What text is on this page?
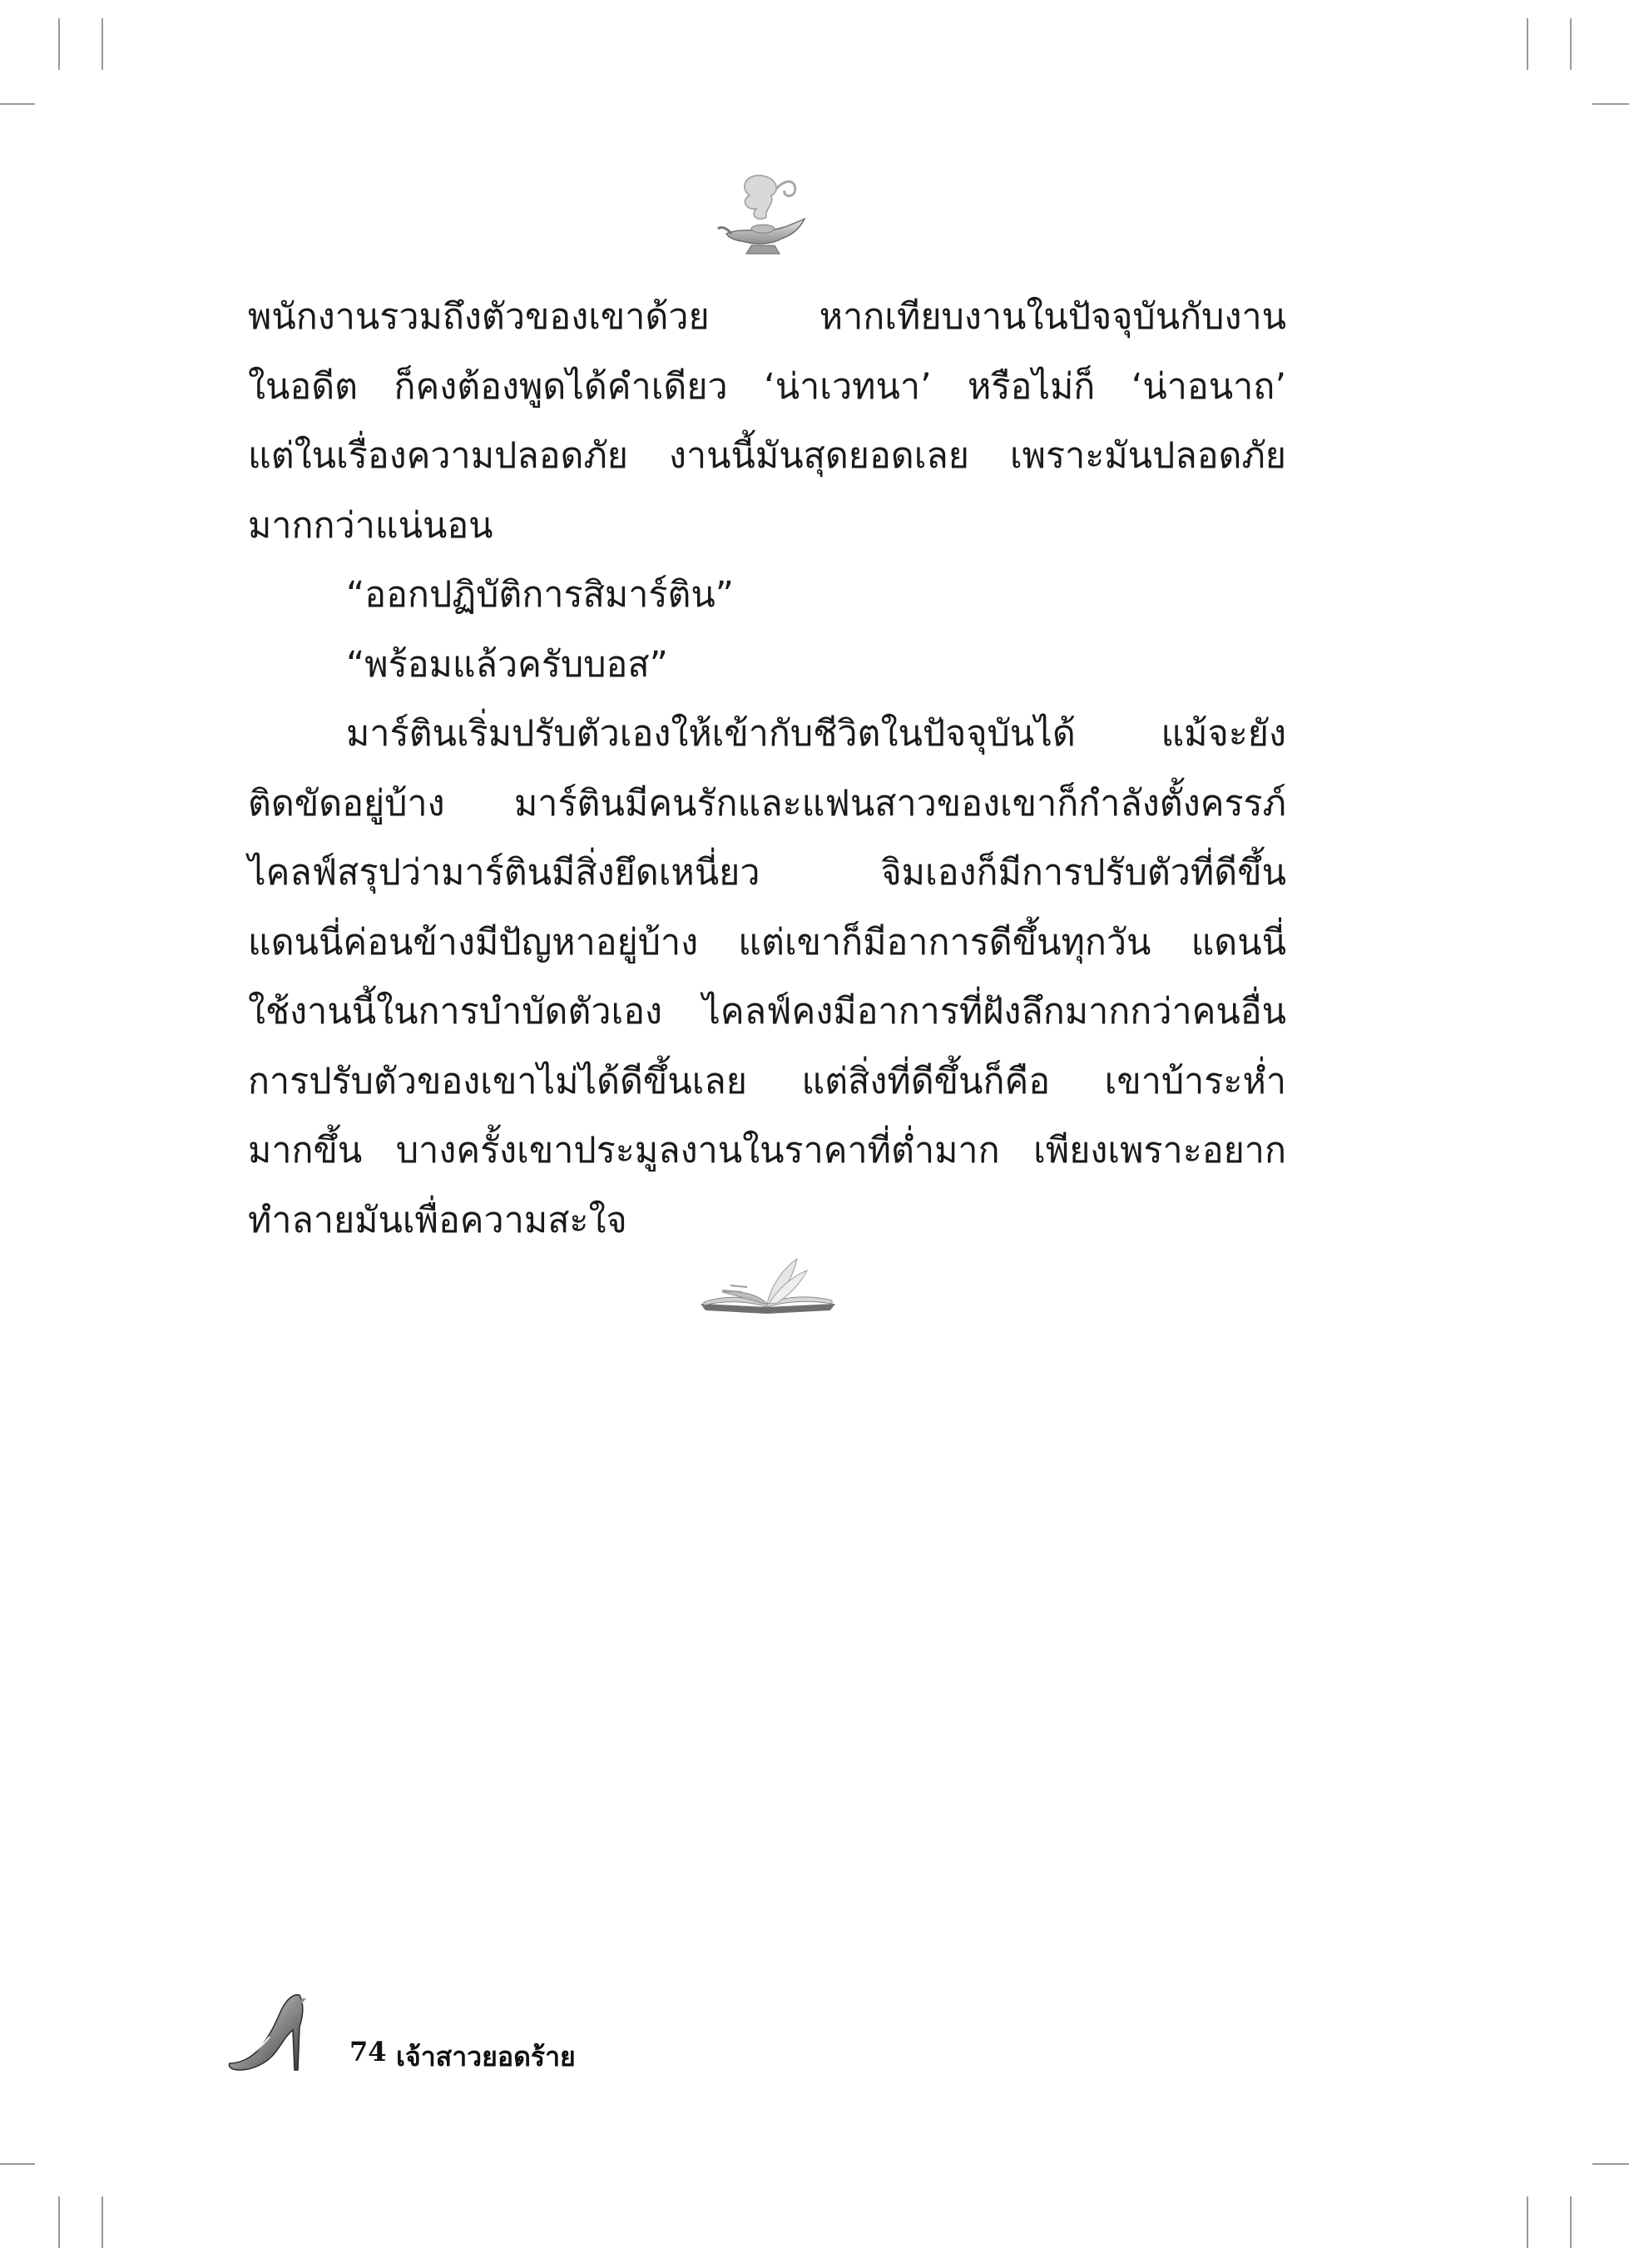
พนักงานรวมถึงตัวของเขาด้วย หากเทียบงานในปัจจุบันกับงาน
ในอดีต ก็คงต้องพูดได้คำเดียว ‘น่าเวทนา’ หรือไม่ก็ ‘น่าอนาถ’
แต่ในเรื่องความปลอดภัย งานนี้มันสุดยอดเลย เพราะมันปลอดภัย
มากกว่าแน่นอน
“ออกปฏิบัติการสิมาร์ติน”
“พร้อมแล้วครับบอส”
มาร์ตินเริ่มปรับตัวเองให้เข้ากับชีวิตในปัจจุบันได้ แม้จะยัง
ติดขัดอยู่บ้าง มาร์ตินมีคนรักและแฟนสาวของเขาก็กำลังตั้งครรภ์
ไคลฟ์สรุปว่ามาร์ตินมีสิ่งยึดเหนี่ยว จิมเองก็มีการปรับตัวที่ดีขึ้น
แดนนี่ค่อนข้างมีปัญหาอยู่บ้าง แต่เขาก็มีอาการดีขึ้นทุกวัน แดนนี่
ใช้งานนี้ในการบำบัดตัวเอง ไคลฟ์คงมีอาการที่ฝังลึกมากกว่าคนอื่น
การปรับตัวของเขาไม่ได้ดีขึ้นเลย แต่สิ่งที่ดีขึ้นก็คือ เขาบ้าระห่ำ
มากขึ้น บางครั้งเขาประมูลงานในราคาที่ต่ำมาก เพียงเพราะอยาก
ทำลายมันเพื่อความสะใจ
74 เจ้าสาวยอดร้าย
